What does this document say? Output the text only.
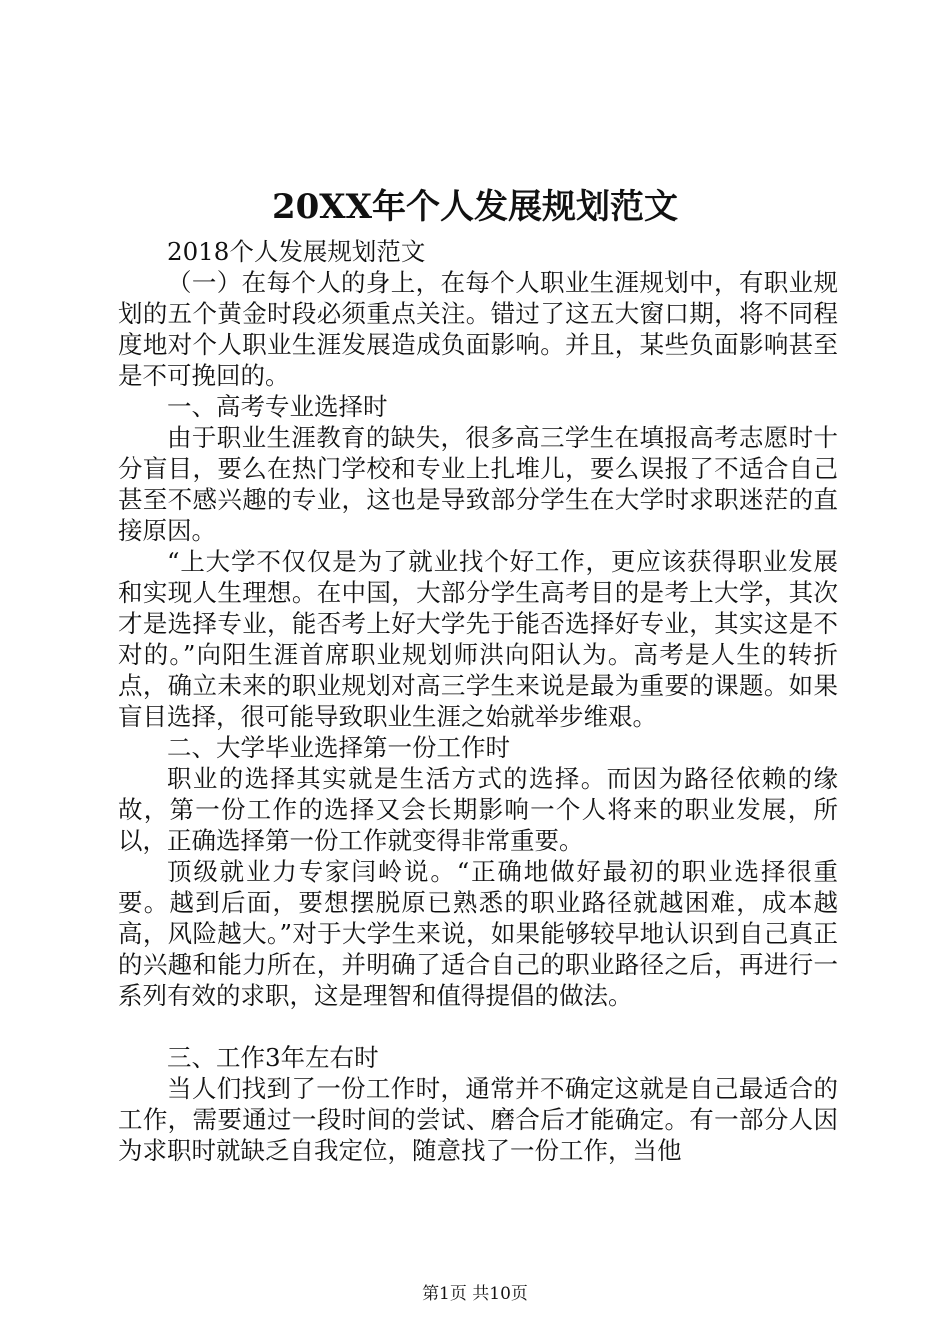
20XX年个人发展规划范文

2018个人发展规划范文

（一）在每个人的身上，在每个人职业生涯规划中，有职业规划的五个黄金时段必须重点关注。错过了这五大窗口期，将不同程度地对个人职业生涯发展造成负面影响。并且，某些负面影响甚至是不可挽回的。

一、高考专业选择时

由于职业生涯教育的缺失，很多高三学生在填报高考志愿时十分盲目，要么在热门学校和专业上扎堆儿，要么误报了不适合自己甚至不感兴趣的专业，这也是导致部分学生在大学时求职迷茫的直接原因。

“上大学不仅仅是为了就业找个好工作，更应该获得职业发展和实现人生理想。在中国，大部分学生高考目的是考上大学，其次才是选择专业，能否考上好大学先于能否选择好专业，其实这是不对的。”向阳生涯首席职业规划师洪向阳认为。高考是人生的转折点，确立未来的职业规划对高三学生来说是最为重要的课题。如果盲目选择，很可能导致职业生涯之始就举步维艰。

二、大学毕业选择第一份工作时

职业的选择其实就是生活方式的选择。而因为路径依赖的缘故，第一份工作的选择又会长期影响一个人将来的职业发展，所以，正确选择第一份工作就变得非常重要。

顶级就业力专家闫岭说。“正确地做好最初的职业选择很重要。越到后面，要想摆脱原已熟悉的职业路径就越困难，成本越高，风险越大。”对于大学生来说，如果能够较早地认识到自己真正的兴趣和能力所在，并明确了适合自己的职业路径之后，再进行一系列有效的求职，这是理智和值得提倡的做法。

三、工作3年左右时

当人们找到了一份工作时，通常并不确定这就是自己最适合的工作，需要通过一段时间的尝试、磨合后才能确定。有一部分人因为求职时就缺乏自我定位，随意找了一份工作，当他

第1页 共10页
